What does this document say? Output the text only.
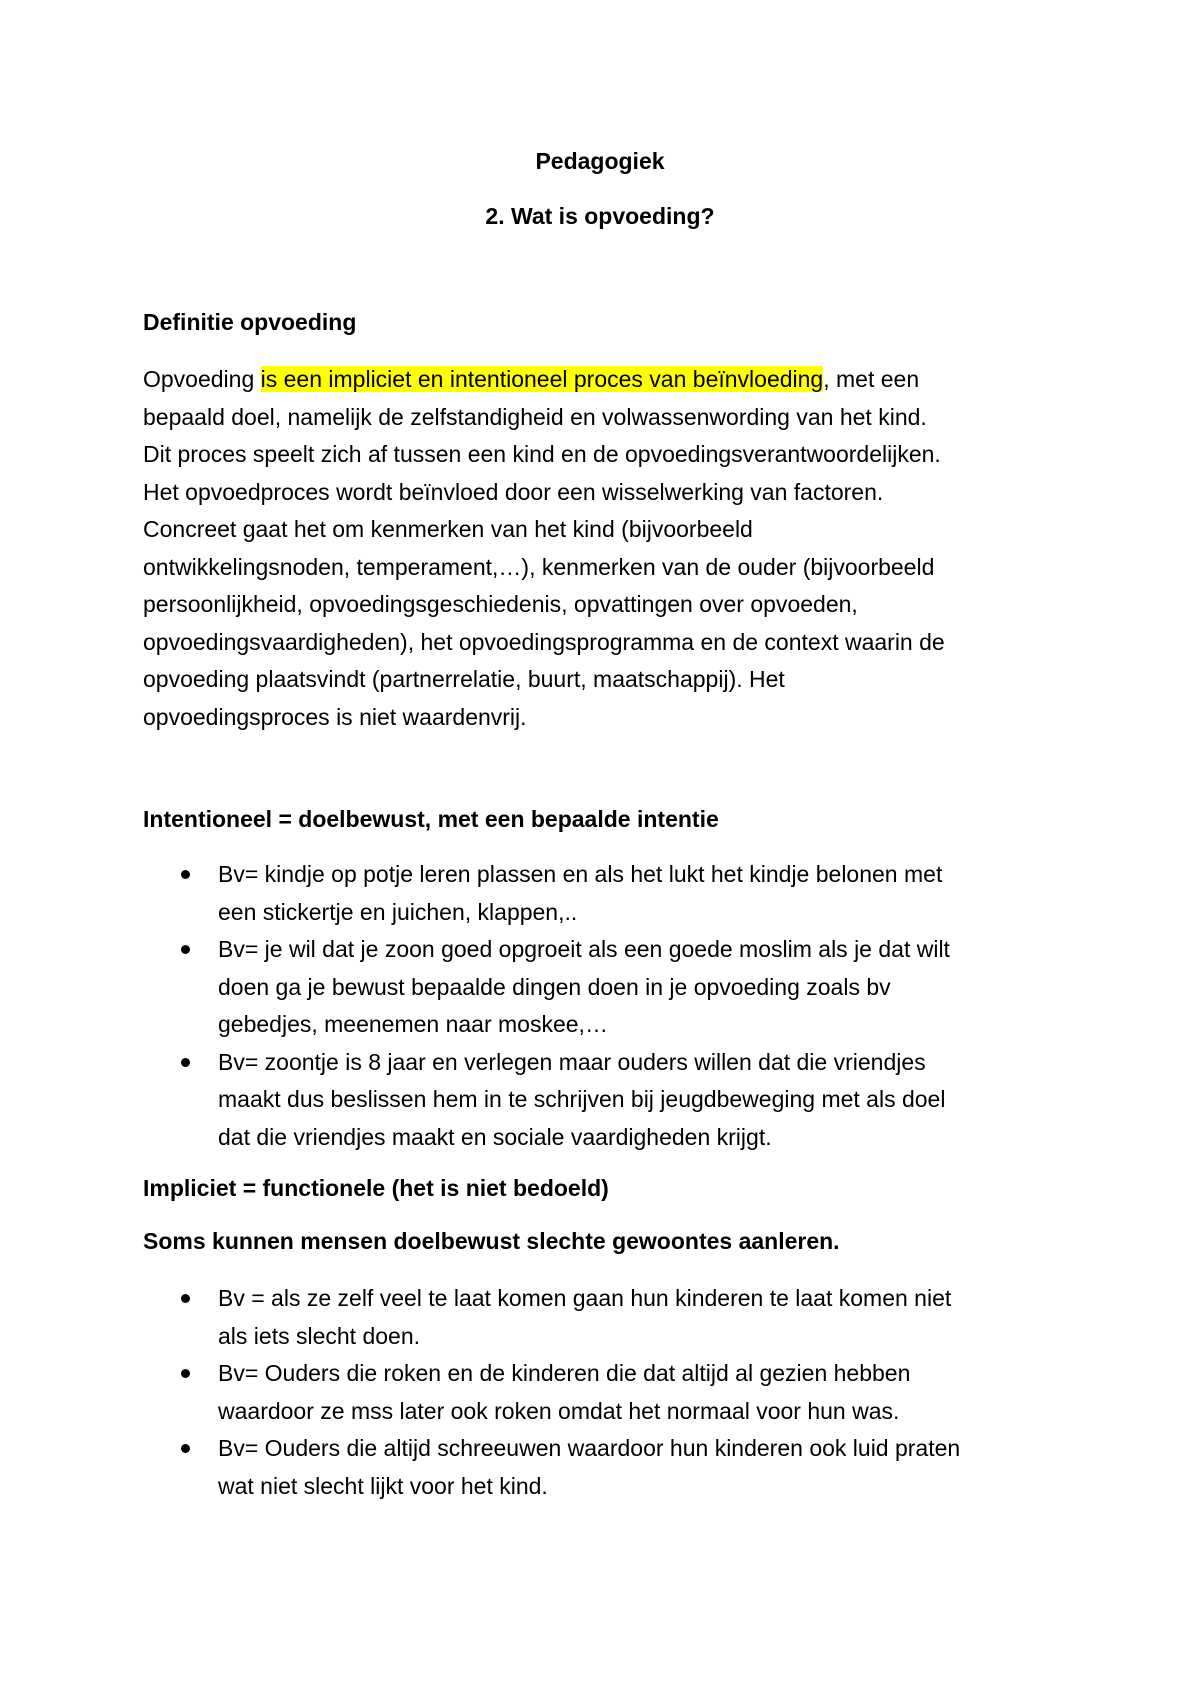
Pedagogiek
2. Wat is opvoeding?
Definitie opvoeding
Opvoeding is een impliciet en intentioneel proces van beïnvloeding, met een
bepaald doel, namelijk de zelfstandigheid en volwassenwording van het kind.
Dit proces speelt zich af tussen een kind en de opvoedingsverantwoordelijken.
Het opvoedproces wordt beïnvloed door een wisselwerking van factoren.
Concreet gaat het om kenmerken van het kind (bijvoorbeeld
ontwikkelingsnoden, temperament,…), kenmerken van de ouder (bijvoorbeeld
persoonlijkheid, opvoedingsgeschiedenis, opvattingen over opvoeden,
opvoedingsvaardigheden), het opvoedingsprogramma en de context waarin de
opvoeding plaatsvindt (partnerrelatie, buurt, maatschappij). Het
opvoedingsproces is niet waardenvrij.
Intentioneel = doelbewust, met een bepaalde intentie
Bv= kindje op potje leren plassen en als het lukt het kindje belonen met
een stickertje en juichen, klappen,..
Bv= je wil dat je zoon goed opgroeit als een goede moslim als je dat wilt
doen ga je bewust bepaalde dingen doen in je opvoeding zoals bv
gebedjes, meenemen naar moskee,…
Bv= zoontje is 8 jaar en verlegen maar ouders willen dat die vriendjes
maakt dus beslissen hem in te schrijven bij jeugdbeweging met als doel
dat die vriendjes maakt en sociale vaardigheden krijgt.
Impliciet = functionele (het is niet bedoeld)
Soms kunnen mensen doelbewust slechte gewoontes aanleren.
Bv = als ze zelf veel te laat komen gaan hun kinderen te laat komen niet
als iets slecht doen.
Bv= Ouders die roken en de kinderen die dat altijd al gezien hebben
waardoor ze mss later ook roken omdat het normaal voor hun was.
Bv= Ouders die altijd schreeuwen waardoor hun kinderen ook luid praten
wat niet slecht lijkt voor het kind.
